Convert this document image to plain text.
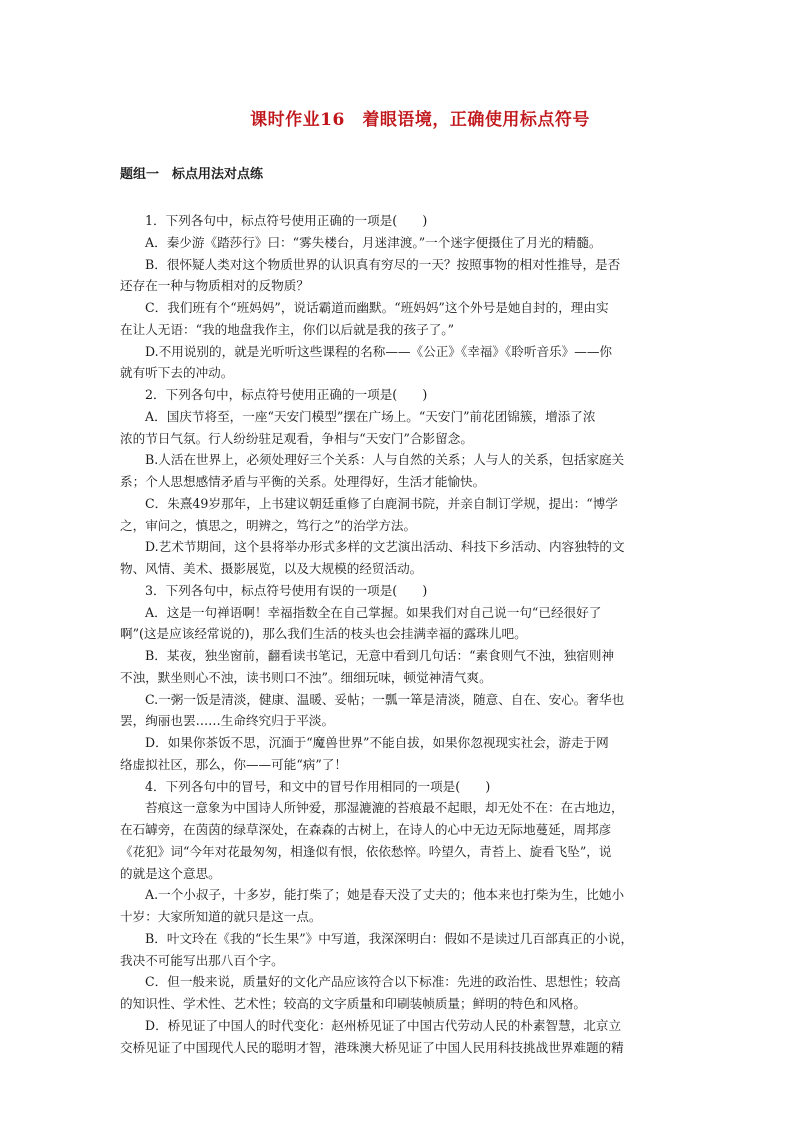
课时作业16　着眼语境，正确使用标点符号
题组一　标点用法对点练

1．下列各句中，标点符号使用正确的一项是(　　)

A．秦少游《踏莎行》曰：“雾失楼台，月迷津渡。”一个迷字便摄住了月光的精髓。

B．很怀疑人类对这个物质世界的认识真有穷尽的一天？按照事物的相对性推导，是否

还存在一种与物质相对的反物质？

C．我们班有个“班妈妈”，说话霸道而幽默。“班妈妈”这个外号是她自封的，理由实

在让人无语：“我的地盘我作主，你们以后就是我的孩子了。”

D.不用说别的，就是光听听这些课程的名称——《公正》《幸福》《聆听音乐》——你

就有听下去的冲动。

2．下列各句中，标点符号使用正确的一项是(　　)

A．国庆节将至，一座“天安门模型”摆在广场上。“天安门”前花团锦簇，增添了浓

浓的节日气氛。行人纷纷驻足观看，争相与“天安门”合影留念。

B.人活在世界上，必须处理好三个关系：人与自然的关系；人与人的关系，包括家庭关

系；个人思想感情矛盾与平衡的关系。处理得好，生活才能愉快。

C．朱熹49岁那年，上书建议朝廷重修了白鹿洞书院，并亲自制订学规，提出：“博学

之，审问之，慎思之，明辨之，笃行之”的治学方法。

D.艺术节期间，这个县将举办形式多样的文艺演出活动、科技下乡活动、内容独特的文

物、风情、美术、摄影展览，以及大规模的经贸活动。

3．下列各句中，标点符号使用有误的一项是(　　)

A．这是一句禅语啊！幸福指数全在自己掌握。如果我们对自己说一句“已经很好了

啊”(这是应该经常说的)，那么我们生活的枝头也会挂满幸福的露珠儿吧。

B．某夜，独坐窗前，翻看读书笔记，无意中看到几句话：“素食则气不浊，独宿则神

不浊，默坐则心不浊，读书则口不浊”。细细玩味，顿觉神清气爽。

C.一粥一饭是清淡，健康、温暖、妥帖；一瓢一箪是清淡，随意、自在、安心。奢华也

罢，绚丽也罢……生命终究归于平淡。

D．如果你茶饭不思，沉湎于“魔兽世界”不能自拔，如果你忽视现实社会，游走于网

络虚拟社区，那么，你——可能“病”了！

4．下列各句中的冒号，和文中的冒号作用相同的一项是(　　)

苔痕这一意象为中国诗人所钟爱，那湿漉漉的苔痕最不起眼，却无处不在：在古地边，

在石罅旁，在茵茵的绿草深处，在森森的古树上，在诗人的心中无边无际地蔓延，周邦彦

《花犯》词“今年对花最匆匆，相逢似有恨，依依愁悴。吟望久，青苔上、旋看飞坠”，说

的就是这个意思。

A.一个小叔子，十多岁，能打柴了；她是春天没了丈夫的；他本来也打柴为生，比她小

十岁：大家所知道的就只是这一点。

B．叶文玲在《我的“长生果”》中写道，我深深明白：假如不是读过几百部真正的小说，

我决不可能写出那八百个字。

C．但一般来说，质量好的文化产品应该符合以下标准：先进的政治性、思想性；较高

的知识性、学术性、艺术性；较高的文字质量和印刷装帧质量；鲜明的特色和风格。

D．桥见证了中国人的时代变化：赵州桥见证了中国古代劳动人民的朴素智慧，北京立

交桥见证了中国现代人民的聪明才智，港珠澳大桥见证了中国人民用科技挑战世界难题的精
